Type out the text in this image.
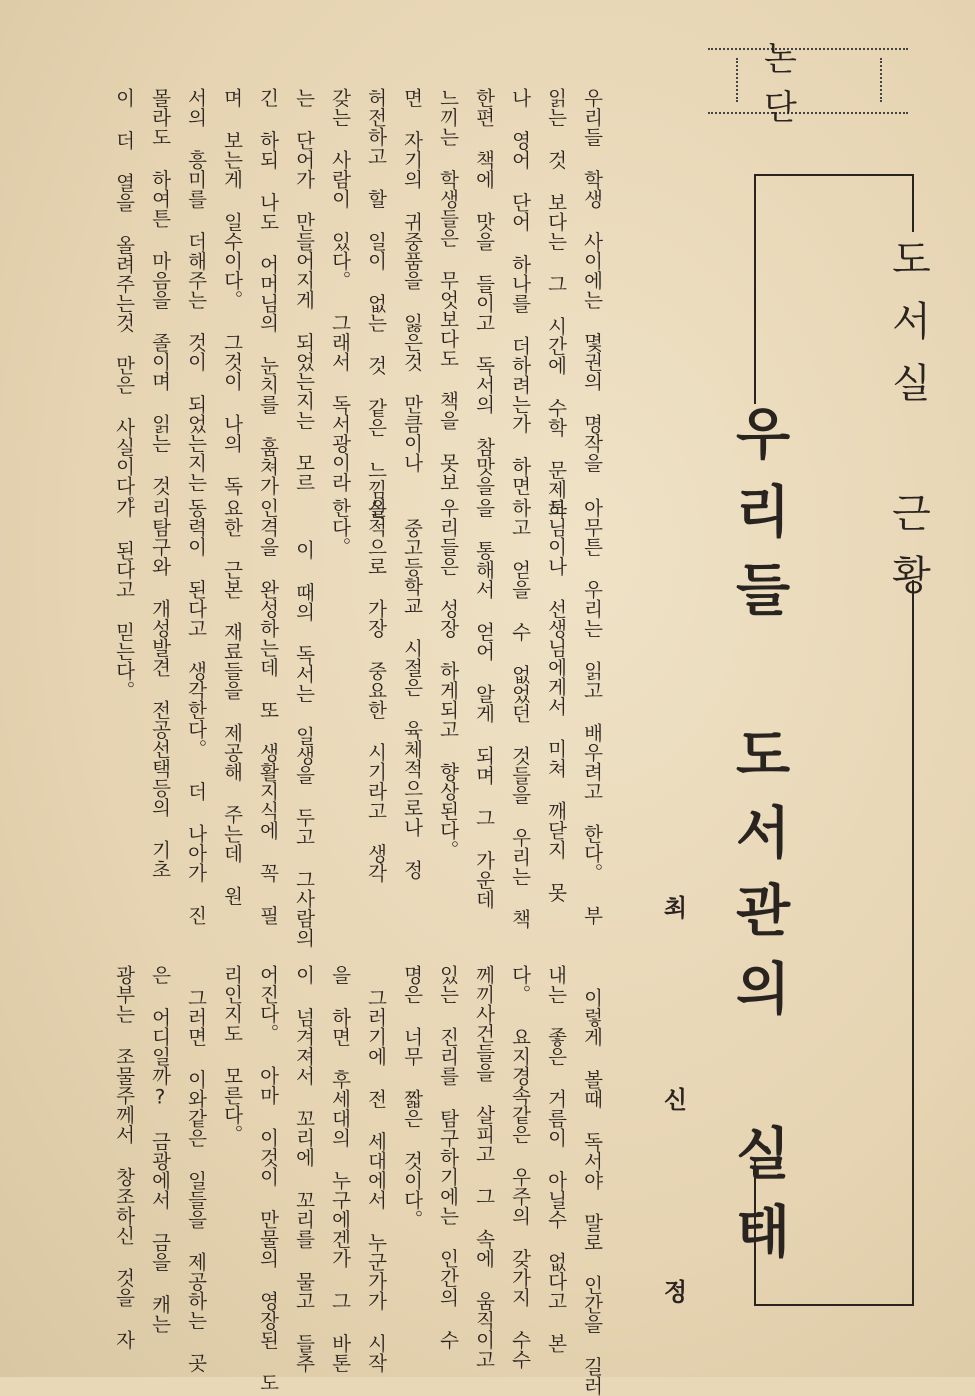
논 단
도서실 근황
우리들 도서관의 실태
최 신 정
우리들 학생 사이에는 몇권의 명작을
읽는 것 보다는 그 시간에 수학 문제하
나 영어 단어 하나를 더하려는가 하면
한편 책에 맛을 들이고 독서의 참맛을
느끼는 학생들은 무엇보다도 책을 못보
면 자기의 귀중품을 잃은것 만큼이나
허전하고 할 일이 없는 것 같은 느낌을
갖는 사람이 있다。 그래서 독서광이라
는 단어가 만들어지게 되었는지는 모르
긴 하되 나도 어머님의 눈치를 훔쳐가
며 보는게 일수이다。 그것이 나의 독
서의 흥미를 더해주는 것이 되었는지는
몰라도 하여튼 마음을 졸이며 읽는 것
이 더 열을 올려주는것 만은 사실이다。
아무튼 우리는 읽고 배우려고 한다。 부
모님이나 선생님에게서 미쳐 깨닫지 못
하고 얻을 수 없었던 것들을 우리는 책
을 통해서 얻어 알게 되며 그 가운데
우리들은 성장 하게되고 향상된다。
중고등학교 시절은 육체적으로나 정
신적으로 가장 중요한 시기라고 생각
한다。
이 때의 독서는 일생을 두고 그사람의
인격을 완성하는데 또 생활지식에 꼭 필
요한 근본 재료들을 제공해 주는데 원
동력이 된다고 생각한다。 더 나아가 진
리탐구와 개성발견 전공선택등의 기초
가 된다고 믿는다。
이렇게 볼때 독서야 말로 인간을 길러
내는 좋은 거름이 아닐수 없다고 본
다。 요지경속같은 우주의 갖가지 수수
께끼사건들을 살피고 그 속에 움직이고
있는 진리를 탐구하기에는 인간의 수
명은 너무 짧은 것이다。
그러기에 전 세대에서 누군가가 시작
을 하면 후세대의 누구에겐가 그 바톤
이 넘겨져서 꼬리에 꼬리를 물고 들추
어진다。 아마 이것이 만물의 영장된 도
리인지도 모른다。
그러면 이와같은 일들을 제공하는 곳
은 어디일까? 금광에서 금을 캐는
광부는 조물주께서 창조하신 것을 자
